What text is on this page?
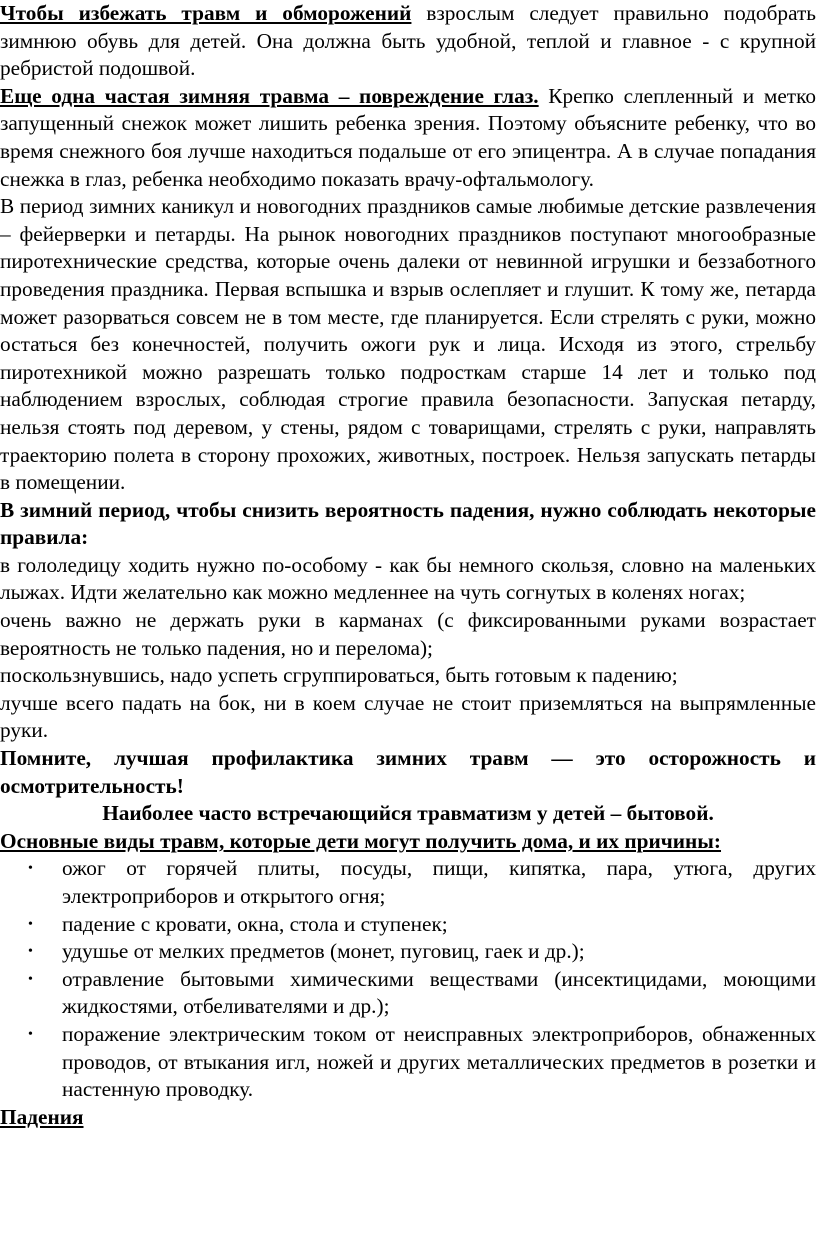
Чтобы избежать травм и обморожений взрослым следует правильно подобрать зимнюю обувь для детей. Она должна быть удобной, теплой и главное - с крупной ребристой подошвой.

Еще одна частая зимняя травма – повреждение глаз. Крепко слепленный и метко запущенный снежок может лишить ребенка зрения. Поэтому объясните ребенку, что во время снежного боя лучше находиться подальше от его эпицентра. А в случае попадания снежка в глаз, ребенка необходимо показать врачу-офтальмологу.

В период зимних каникул и новогодних праздников самые любимые детские развлечения – фейерверки и петарды. На рынок новогодних праздников поступают многообразные пиротехнические средства, которые очень далеки от невинной игрушки и беззаботного проведения праздника. Первая вспышка и взрыв ослепляет и глушит. К тому же, петарда может разорваться совсем не в том месте, где планируется. Если стрелять с руки, можно остаться без конечностей, получить ожоги рук и лица. Исходя из этого, стрельбу пиротехникой можно разрешать только подросткам старше 14 лет и только под наблюдением взрослых, соблюдая строгие правила безопасности. Запуская петарду, нельзя стоять под деревом, у стены, рядом с товарищами, стрелять с руки, направлять траекторию полета в сторону прохожих, животных, построек. Нельзя запускать петарды в помещении.

В зимний период, чтобы снизить вероятность падения, нужно соблюдать некоторые правила:

в гололедицу ходить нужно по-особому - как бы немного скользя, словно на маленьких лыжах. Идти желательно как можно медленнее на чуть согнутых в коленях ногах;

очень важно не держать руки в карманах (с фиксированными руками возрастает вероятность не только падения, но и перелома);

поскользнувшись, надо успеть сгруппироваться, быть готовым к падению;

лучше всего падать на бок, ни в коем случае не стоит приземляться на выпрямленные руки.

Помните, лучшая профилактика зимних травм — это осторожность и осмотрительность!

Наиболее часто встречающийся травматизм у детей – бытовой.

Основные виды травм, которые дети могут получить дома, и их причины:

• ожог от горячей плиты, посуды, пищи, кипятка, пара, утюга, других электроприборов и открытого огня;
• падение с кровати, окна, стола и ступенек;
• удушье от мелких предметов (монет, пуговиц, гаек и др.);
• отравление бытовыми химическими веществами (инсектицидами, моющими жидкостями, отбеливателями и др.);
• поражение электрическим током от неисправных электроприборов, обнаженных проводов, от втыкания игл, ножей и других металлических предметов в розетки и настенную проводку.

Падения
